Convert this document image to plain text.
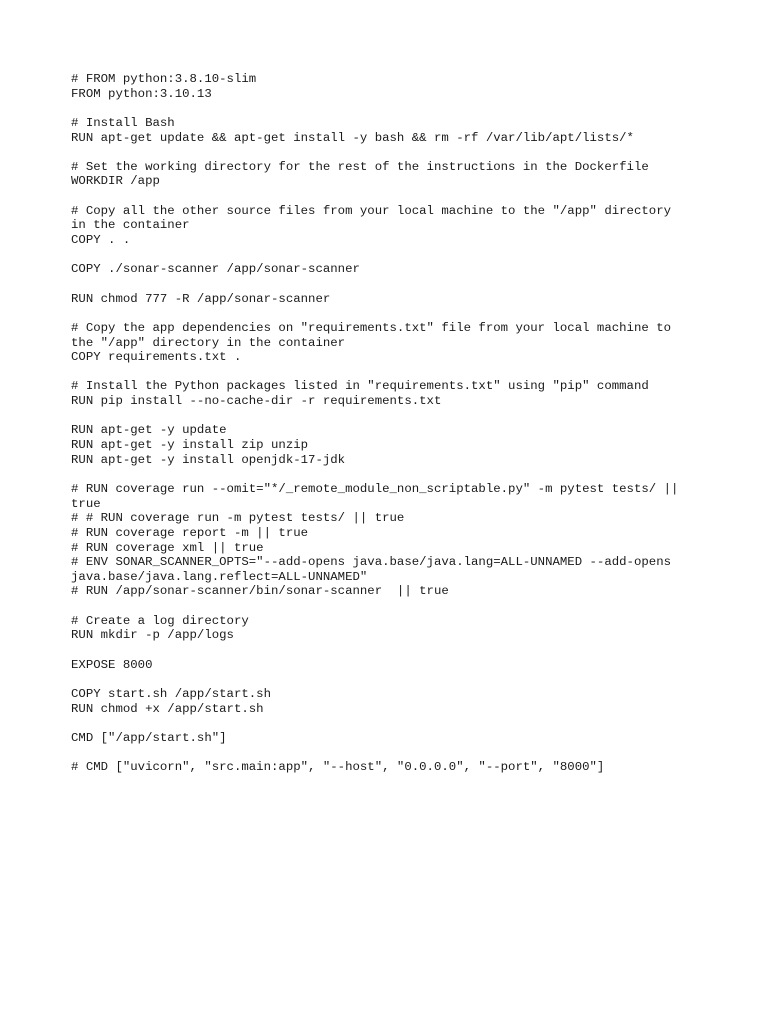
# FROM python:3.8.10-slim
FROM python:3.10.13
# Install Bash
RUN apt-get update && apt-get install -y bash && rm -rf /var/lib/apt/lists/*
# Set the working directory for the rest of the instructions in the Dockerfile
WORKDIR /app
# Copy all the other source files from your local machine to the "/app" directory
in the container
COPY . .
COPY ./sonar-scanner /app/sonar-scanner
RUN chmod 777 -R /app/sonar-scanner
# Copy the app dependencies on "requirements.txt" file from your local machine to
the "/app" directory in the container
COPY requirements.txt .
# Install the Python packages listed in "requirements.txt" using "pip" command
RUN pip install --no-cache-dir -r requirements.txt
RUN apt-get -y update
RUN apt-get -y install zip unzip
RUN apt-get -y install openjdk-17-jdk
# RUN coverage run --omit="*/_remote_module_non_scriptable.py" -m pytest tests/ ||
true
# # RUN coverage run -m pytest tests/ || true
# RUN coverage report -m || true
# RUN coverage xml || true
# ENV SONAR_SCANNER_OPTS="--add-opens java.base/java.lang=ALL-UNNAMED --add-opens
java.base/java.lang.reflect=ALL-UNNAMED"
# RUN /app/sonar-scanner/bin/sonar-scanner  || true
# Create a log directory
RUN mkdir -p /app/logs
EXPOSE 8000
COPY start.sh /app/start.sh
RUN chmod +x /app/start.sh
CMD ["/app/start.sh"]
# CMD ["uvicorn", "src.main:app", "--host", "0.0.0.0", "--port", "8000"]
